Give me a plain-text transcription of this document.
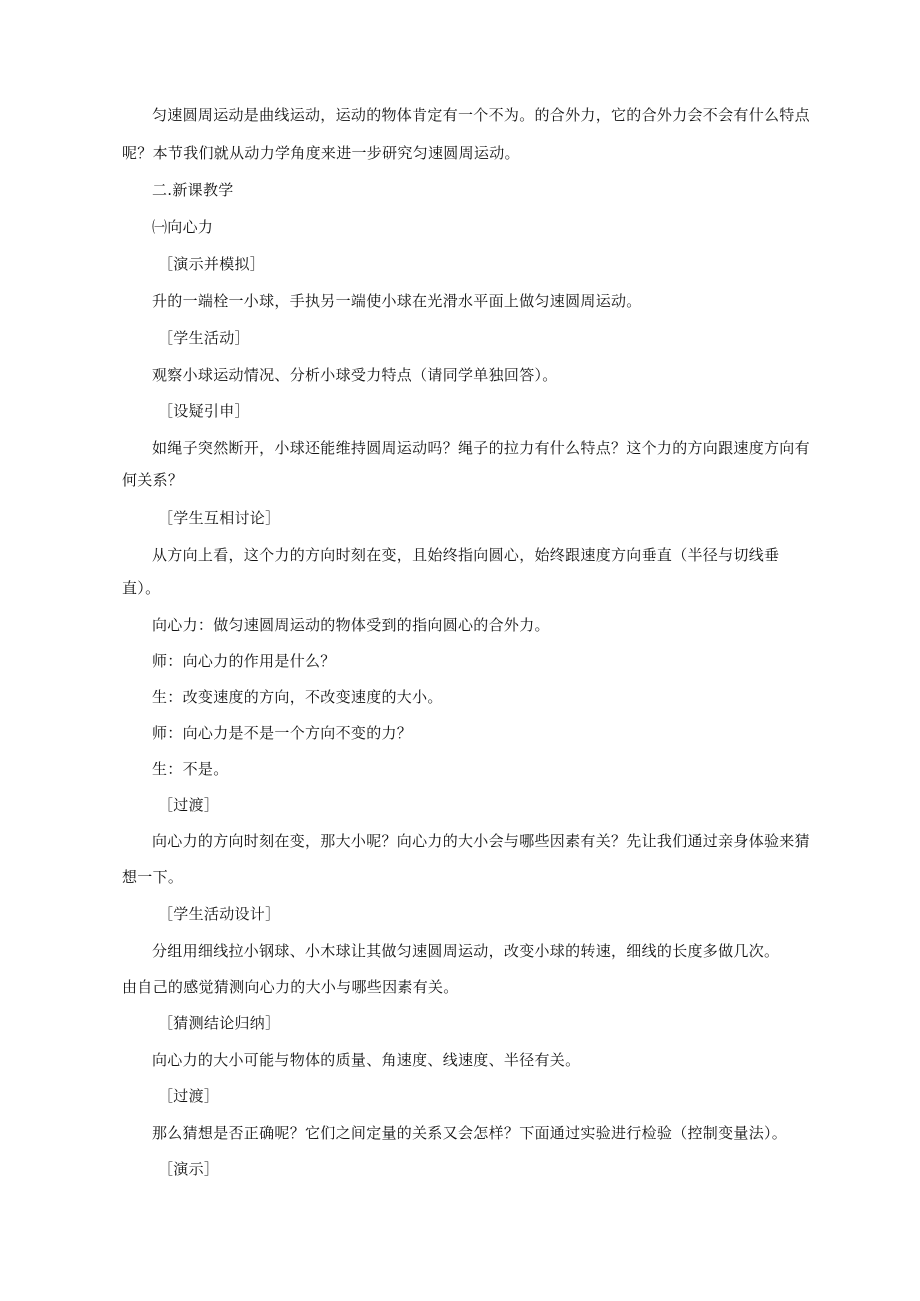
匀速圆周运动是曲线运动，运动的物体肯定有一个不为。的合外力，它的合外力会不会有什么特点
呢？本节我们就从动力学角度来进一步研究匀速圆周运动。
二.新课教学
㈠向心力
［演示并模拟］
升的一端栓一小球，手执另一端使小球在光滑水平面上做匀速圆周运动。
［学生活动］
观察小球运动情况、分析小球受力特点（请同学单独回答）。
［设疑引申］
如绳子突然断开，小球还能维持圆周运动吗？绳子的拉力有什么特点？这个力的方向跟速度方向有
何关系？
［学生互相讨论］
从方向上看，这个力的方向时刻在变，且始终指向圆心，始终跟速度方向垂直（半径与切线垂
直）。
向心力：做匀速圆周运动的物体受到的指向圆心的合外力。
师：向心力的作用是什么？
生：改变速度的方向，不改变速度的大小。
师：向心力是不是一个方向不变的力？
生：不是。
［过渡］
向心力的方向时刻在变，那大小呢？向心力的大小会与哪些因素有关？先让我们通过亲身体验来猜
想一下。
［学生活动设计］
分组用细线拉小钢球、小木球让其做匀速圆周运动，改变小球的转速，细线的长度多做几次。
由自己的感觉猜测向心力的大小与哪些因素有关。
［猜测结论归纳］
向心力的大小可能与物体的质量、角速度、线速度、半径有关。
［过渡］
那么猜想是否正确呢？它们之间定量的关系又会怎样？下面通过实验进行检验（控制变量法）。
［演示］
